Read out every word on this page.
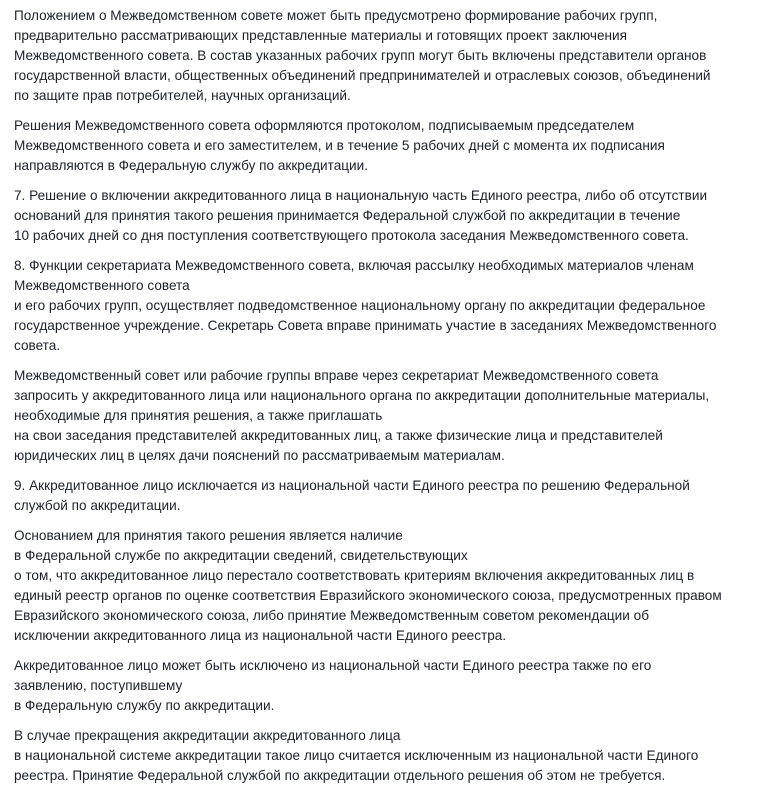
Положением о Межведомственном совете может быть предусмотрено формирование рабочих групп,
предварительно рассматривающих представленные материалы и готовящих проект заключения
Межведомственного совета. В состав указанных рабочих групп могут быть включены представители органов
государственной власти, общественных объединений предпринимателей и отраслевых союзов, объединений
по защите прав потребителей, научных организаций.

Решения Межведомственного совета оформляются протоколом, подписываемым председателем
Межведомственного совета и его заместителем, и в течение 5 рабочих дней с момента их подписания
направляются в Федеральную службу по аккредитации.

7. Решение о включении аккредитованного лица в национальную часть Единого реестра, либо об отсутствии
оснований для принятия такого решения принимается Федеральной службой по аккредитации в течение
10 рабочих дней со дня поступления соответствующего протокола заседания Межведомственного совета.

8. Функции секретариата Межведомственного совета, включая рассылку необходимых материалов членам
Межведомственного совета
и его рабочих групп, осуществляет подведомственное национальному органу по аккредитации федеральное
государственное учреждение. Секретарь Совета вправе принимать участие в заседаниях Межведомственного
совета.

Межведомственный совет или рабочие группы вправе через секретариат Межведомственного совета
запросить у аккредитованного лица или национального органа по аккредитации дополнительные материалы,
необходимые для принятия решения, а также приглашать
на свои заседания представителей аккредитованных лиц, а также физические лица и представителей
юридических лиц в целях дачи пояснений по рассматриваемым материалам.

9. Аккредитованное лицо исключается из национальной части Единого реестра по решению Федеральной
службой по аккредитации.

Основанием для принятия такого решения является наличие
в Федеральной службе по аккредитации сведений, свидетельствующих
о том, что аккредитованное лицо перестало соответствовать критериям включения аккредитованных лиц в
единый реестр органов по оценке соответствия Евразийского экономического союза, предусмотренных правом
Евразийского экономического союза, либо принятие Межведомственным советом рекомендации об
исключении аккредитованного лица из национальной части Единого реестра.

Аккредитованное лицо может быть исключено из национальной части Единого реестра также по его
заявлению, поступившему
в Федеральную службу по аккредитации.

В случае прекращения аккредитации аккредитованного лица
в национальной системе аккредитации такое лицо считается исключенным из национальной части Единого
реестра. Принятие Федеральной службой по аккредитации отдельного решения об этом не требуется.
